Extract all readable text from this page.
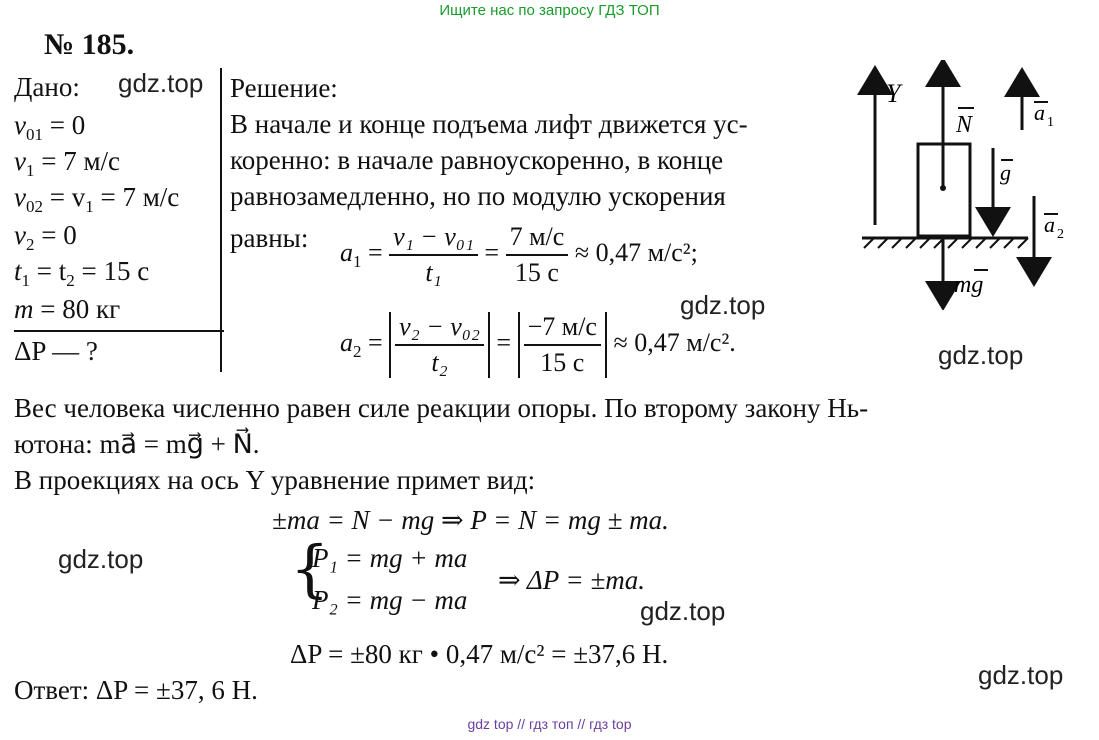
Ищите нас по запросу ГДЗ ТОП
№ 185.
Дано: gdz.top
$v_{01} = 0$
$v_1 = 7$ м/с
$v_{02} = v_1 = 7$ м/с
$v_2 = 0$
$t_1 = t_2 = 15$ с
m = 80 кг
ΔP — ?
Решение:
В начале и конце подъема лифт движется ус-
коренно: в начале равноускоренно, в конце
равнозамедленно, но по модулю ускорения
равны: $a_1 = \frac{\text{v₁ − v₀₁}}{\text{t₁}} = \frac{7 м/с}{15 с} \approx 0,47$ м/с²;
gdz.top
$a_2 = \frac{\text{v₂ − v₀₂}}{\text{t₂}} = \frac{-7 м/с}{15 с} \approx 0,47$ м/с².	gdz.top
Вес человека численно равен силе реакции опоры. По второму закону Нь-
ютона: ma⃗ = mg⃗ + N⃗.
В проекциях на ось Y уравнение примет вид:
±ma = N − mg ⇒ P = N = mg ± ma.
gdz.top {
P₁ = mg + ma
P₂ = mg − ma
⇒ ΔP = ±ma.
gdz.top
ΔP = ±80 кг • 0,47 м/с² = ±37,6 Н.
gdz.top
Ответ: ΔP = ±37, 6 Н.
Y
N	a 1
g
a 2
mg
gdz top // гдз топ // гдз top
